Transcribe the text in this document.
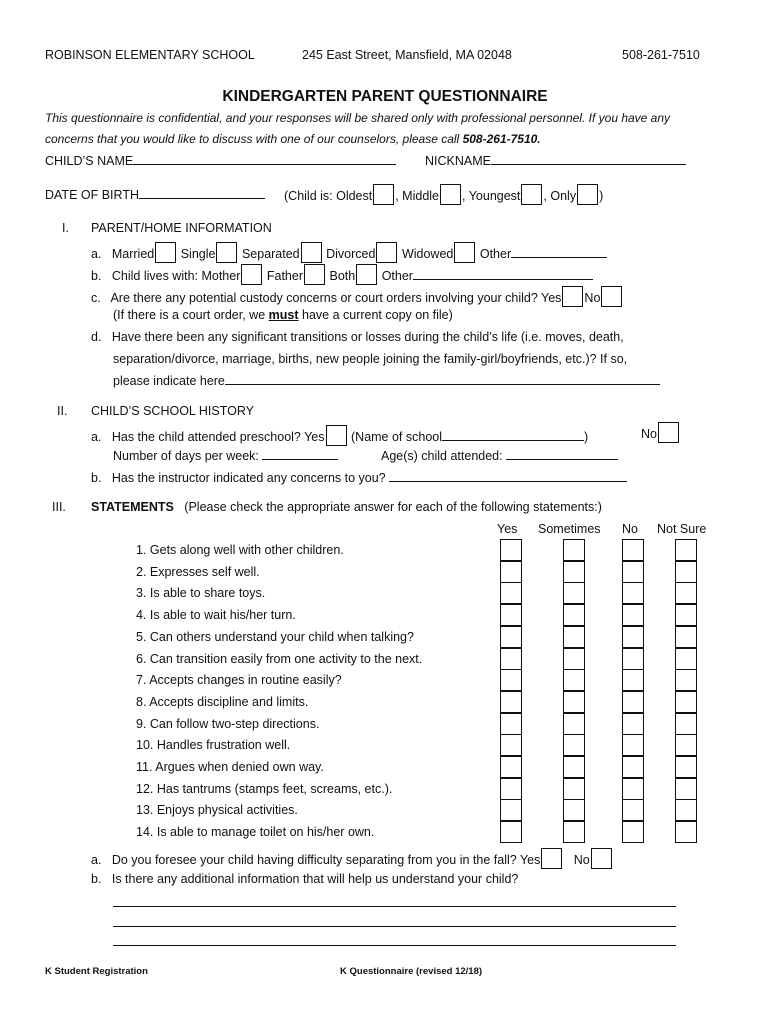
ROBINSON ELEMENTARY SCHOOL	245 East Street, Mansfield, MA 02048	508-261-7510
KINDERGARTEN PARENT QUESTIONNAIRE
This questionnaire is confidential, and your responses will be shared only with professional personnel. If you have any
concerns that you would like to discuss with one of our counselors, please call 508-261-7510.
CHILD’S NAME	NICKNAME
DATE OF BIRTH	(Child is: Oldest , Middle , Youngest , Only )
I. PARENT/HOME INFORMATION
a. Married Single Separated Divorced Widowed Other
b. Child lives with: Mother Father Both Other
c. Are there any potential custody concerns or court orders involving your child? Yes No
(If there is a court order, we must have a current copy on file)
d. Have there been any significant transitions or losses during the child’s life (i.e. moves, death,
separation/divorce, marriage, births, new people joining the family-girl/boyfriends, etc.)? If so,
please indicate here
II. CHILD’S SCHOOL HISTORY
a. Has the child attended preschool? Yes (Name of school	)	No
Number of days per week:	Age(s) child attended:
b. Has the instructor indicated any concerns to you?
III. STATEMENTS (Please check the appropriate answer for each of the following statements:)
Yes Sometimes No Not Sure
1. Gets along well with other children.
2. Expresses self well.
3. Is able to share toys.
4. Is able to wait his/her turn.
5. Can others understand your child when talking?
6. Can transition easily from one activity to the next.
7. Accepts changes in routine easily?
8. Accepts discipline and limits.
9. Can follow two-step directions.
10. Handles frustration well.
11. Argues when denied own way.
12. Has tantrums (stamps feet, screams, etc.).
13. Enjoys physical activities.
14. Is able to manage toilet on his/her own.
a. Do you foresee your child having difficulty separating from you in the fall? Yes	No
b. Is there any additional information that will help us understand your child?
K Student Registration	K Questionnaire (revised 12/18)
